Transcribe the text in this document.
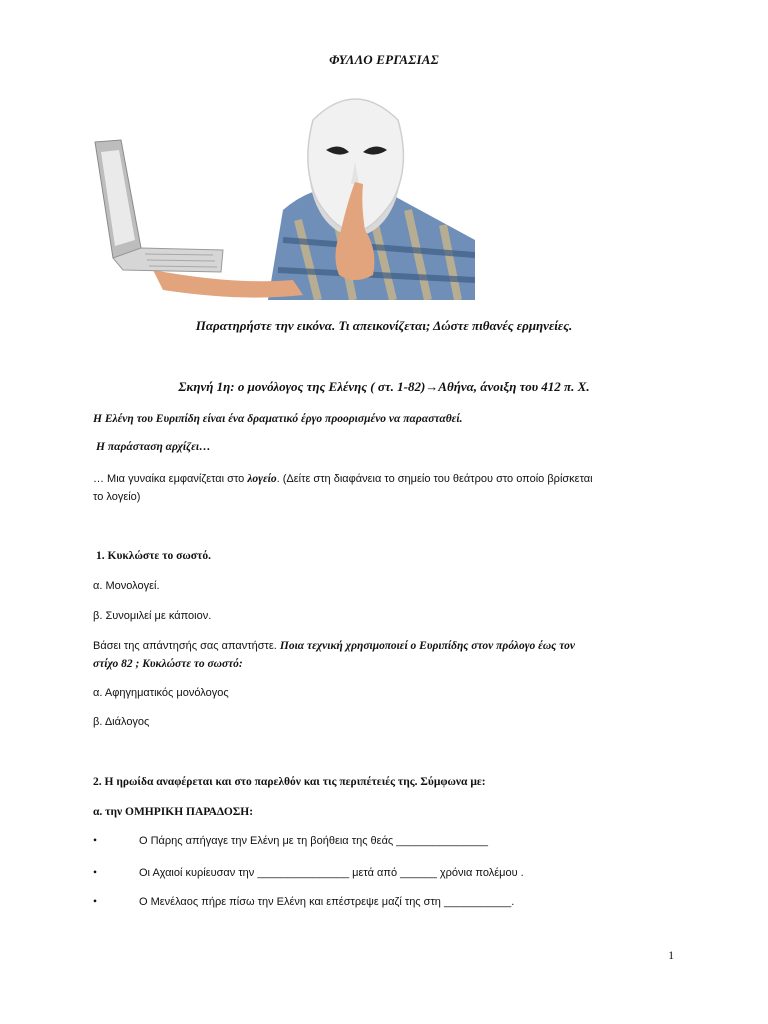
ΦΥΛΛΟ ΕΡΓΑΣΙΑΣ
Παρατηρήστε την εικόνα. Τι απεικονίζεται; Δώστε πιθανές ερμηνείες.
Σκηνή 1η: ο μονόλογος της Ελένης ( στ. 1-82)→Αθήνα, άνοιξη του 412 π. Χ.
Η Ελένη του Ευριπίδη είναι ένα δραματικό έργο προορισμένο να παρασταθεί.
Η παράσταση αρχίζει…
… Μια γυναίκα εμφανίζεται στο λογείο. (Δείτε στη διαφάνεια το σημείο του θεάτρου στο οποίο βρίσκεται
το λογείο)
1. Κυκλώστε το σωστό.
α. Μονολογεί.
β. Συνομιλεί με κάποιον.
Βάσει της απάντησής σας απαντήστε. Ποια τεχνική χρησιμοποιεί ο Ευριπίδης στον πρόλογο έως τον
στίχο 82 ; Κυκλώστε το σωστό:
α. Αφηγηματικός μονόλογος
β. Διάλογος
2. Η ηρωίδα αναφέρεται και στο παρελθόν και τις περιπέτειές της. Σύμφωνα με:
α. την ΟΜΗΡΙΚΗ ΠΑΡΑΔΟΣΗ:
•	Ο Πάρης απήγαγε την Ελένη με τη βοήθεια της θεάς _______________
•	Οι Αχαιοί κυρίευσαν την _______________ μετά από ______ χρόνια πολέμου .
•	Ο Μενέλαος πήρε πίσω την Ελένη και επέστρεψε μαζί της στη ___________.
1
